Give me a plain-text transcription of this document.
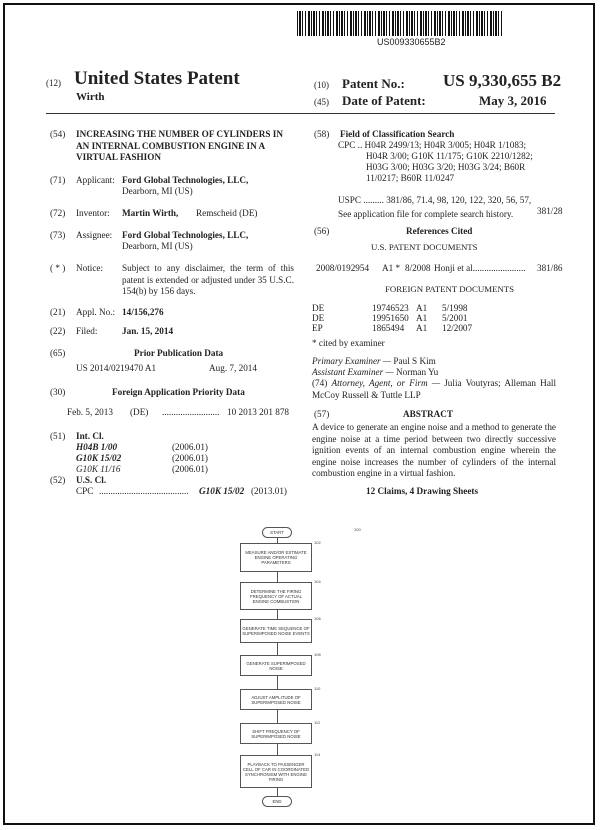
US009330655B2
(12) United States Patent
Wirth
(10) Patent No.: US 9,330,655 B2
(45) Date of Patent:	May 3, 2016
(54) INCREASING THE NUMBER OF CYLINDERS IN AN INTERNAL COMBUSTION ENGINE IN A VIRTUAL FASHION
(71) Applicant: Ford Global Technologies, LLC,
Dearborn, MI (US)
(72) Inventor: Martin Wirth, Remscheid (DE)
(73) Assignee: Ford Global Technologies, LLC,
Dearborn, MI (US)
( * ) Notice: Subject to any disclaimer, the term of this patent is extended or adjusted under 35 U.S.C. 154(b) by 156 days.
(21) Appl. No.: 14/156,276
(22) Filed:	Jan. 15, 2014
(65)	Prior Publication Data
US 2014/0219470 A1	Aug. 7, 2014
(30)	Foreign Application Priority Data
Feb. 5, 2013 (DE) ......................... 10 2013 201 878
(51) Int. Cl.
H04B 1/00	(2006.01)
G10K 15/02	(2006.01)
G10K 11/16	(2006.01)
(52) U.S. Cl.
CPC ....................................... G10K 15/02 (2013.01)
(58) Field of Classification Search
CPC .. H04R 2499/13; H04R 3/005; H04R 1/1083;
H04R 3/00; G10K 11/175; G10K 2210/1282;
H03G 3/00; H03G 3/20; H03G 3/24; B60R
11/0217; B60R 11/0247
USPC ......... 381/86, 71.4, 98, 120, 122, 320, 56, 57,
381/28
See application file for complete search history.
(56)	References Cited
U.S. PATENT DOCUMENTS
2008/0192954 A1 * 8/2008 Honji et al. ...................... 381/86
FOREIGN PATENT DOCUMENTS
DE	19746523 A1 5/1998
DE	19951650 A1 5/2001
EP	1865494 A1 12/2007
* cited by examiner
Primary Examiner — Paul S Kim
Assistant Examiner — Norman Yu
(74) Attorney, Agent, or Firm — Julia Voutyras; Alleman Hall McCoy Russell & Tuttle LLP
(57)	ABSTRACT
A device to generate an engine noise and a method to generate the engine noise at a time period between two directly successive ignition events of an internal combustion engine wherein the engine noise increases the number of cylinders of the internal combustion engine in a virtual fashion.
12 Claims, 4 Drawing Sheets
100
START
MEASURE AND/OR ESTIMATE ENGINE OPERATING PARAMETERS
102
DETERMINE THE FIRING FREQUENCY OF ACTUAL ENGINE COMBUSTION
104
GENERATE TIME SEQUENCE OF SUPERIMPOSED NOISE EVENTS
106
GENERATE SUPERIMPOSED NOISE
108
ADJUST AMPLITUDE OF SUPERIMPOSED NOISE
110
SHIFT FREQUENCY OF SUPERIMPOSED NOISE
112
PLAYBACK TO PASSENGER CELL OF CAR IN COORDINATED SYNCHRONISM WITH ENGINE FIRING
114
END
